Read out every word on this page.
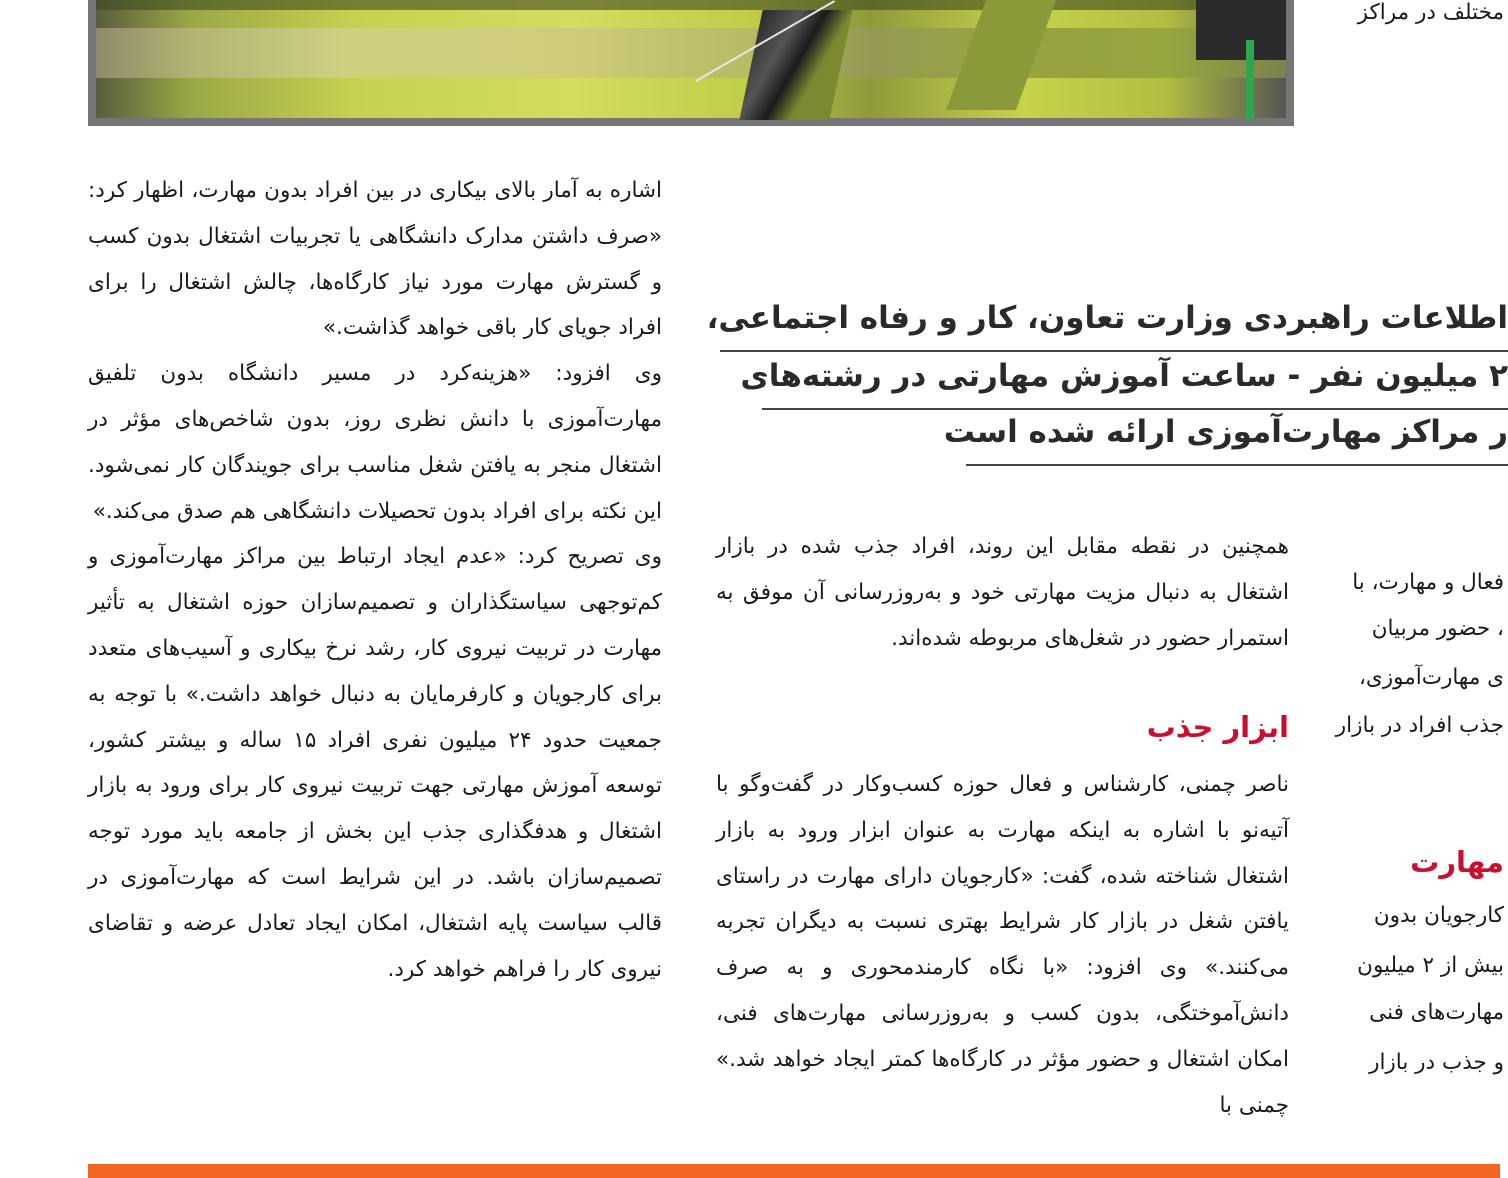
مختلف در مراکز
فعال و مهارت، با
، حضور مربیان
ی مهارت‌آموزی،
جذب افراد در بازار
مهارت
کارجویان بدون
بیش از ۲ میلیون
مهارت‌های فنی
و جذب در بازار
اطلاعات راهبردی وزارت تعاون، کار و رفاه اجتماعی،
۲ میلیون نفر - ساعت آموزش مهارتی در رشته‌های
ر مراکز مهارت‌آموزی ارائه شده است

اشاره به آمار بالای بیکاری در بین افراد بدون مهارت، اظهار کرد: «صرف داشتن مدارک دانشگاهی یا تجربیات اشتغال بدون کسب و گسترش مهارت مورد نیاز کارگاه‌ها، چالش اشتغال را برای افراد جویای کار باقی خواهد گذاشت.»

وی افزود: «هزینه‌کرد در مسیر دانشگاه بدون تلفیق مهارت‌آموزی با دانش نظری روز، بدون شاخص‌های مؤثر در اشتغال منجر به یافتن شغل مناسب برای جویندگان کار نمی‌شود. این نکته برای افراد بدون تحصیلات دانشگاهی هم صدق می‌کند.»

وی تصریح کرد: «عدم ایجاد ارتباط بین مراکز مهارت‌آموزی و کم‌توجهی سیاستگذاران و تصمیم‌سازان حوزه اشتغال به تأثیر مهارت در تربیت نیروی کار، رشد نرخ بیکاری و آسیب‌های متعدد برای کارجویان و کارفرمایان به دنبال خواهد داشت.» با توجه به جمعیت حدود ۲۴ میلیون نفری افراد ۱۵ ساله و بیشتر کشور، توسعه آموزش مهارتی جهت تربیت نیروی کار برای ورود به بازار اشتغال و هدفگذاری جذب این بخش از جامعه باید مورد توجه تصمیم‌سازان باشد. در این شرایط است که مهارت‌آموزی در قالب سیاست پایه اشتغال، امکان ایجاد تعادل عرضه و تقاضای نیروی کار را فراهم خواهد کرد.

همچنین در نقطه مقابل این روند، افراد جذب شده در بازار اشتغال به دنبال مزیت مهارتی خود و به‌روزرسانی آن موفق به استمرار حضور در شغل‌های مربوطه شده‌اند.

ابزار جذب

ناصر چمنی، کارشناس و فعال حوزه کسب‌وکار در گفت‌وگو با آتیه‌نو با اشاره به اینکه مهارت به عنوان ابزار ورود به بازار اشتغال شناخته شده، گفت: «کارجویان دارای مهارت در راستای یافتن شغل در بازار کار شرایط بهتری نسبت به دیگران تجربه می‌کنند.» وی افزود: «با نگاه کارمندمحوری و به صرف دانش‌آموختگی، بدون کسب و به‌روزرسانی مهارت‌های فنی، امکان اشتغال و حضور مؤثر در کارگاه‌ها کمتر ایجاد خواهد شد.» چمنی با
